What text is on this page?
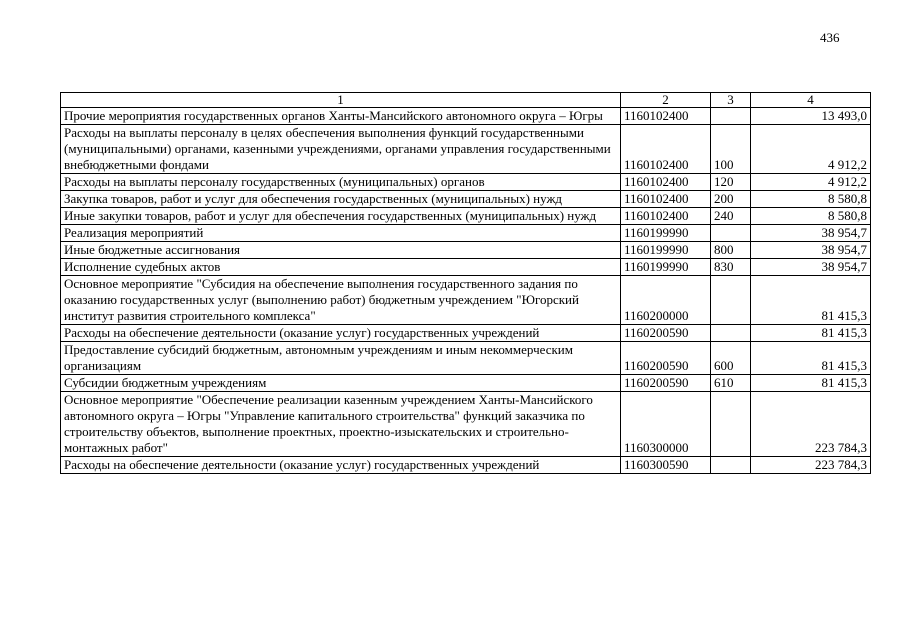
436
1	2	3	4
Прочие мероприятия государственных органов Ханты-Мансийского автономного округа – Югры	1160102400		13 493,0
Расходы на выплаты персоналу в целях обеспечения выполнения функций государственными (муниципальными) органами, казенными учреждениями, органами управления государственными внебюджетными фондами	1160102400	100	4 912,2
Расходы на выплаты персоналу государственных (муниципальных) органов	1160102400	120	4 912,2
Закупка товаров, работ и услуг для обеспечения государственных (муниципальных) нужд	1160102400	200	8 580,8
Иные закупки товаров, работ и услуг для обеспечения государственных (муниципальных) нужд	1160102400	240	8 580,8
Реализация мероприятий	1160199990		38 954,7
Иные бюджетные ассигнования	1160199990	800	38 954,7
Исполнение судебных актов	1160199990	830	38 954,7
Основное мероприятие "Субсидия на обеспечение выполнения государственного задания по оказанию государственных услуг (выполнению работ) бюджетным учреждением "Югорский институт развития строительного комплекса"	1160200000		81 415,3
Расходы на обеспечение деятельности (оказание услуг) государственных учреждений	1160200590		81 415,3
Предоставление субсидий бюджетным, автономным учреждениям и иным некоммерческим организациям	1160200590	600	81 415,3
Субсидии бюджетным учреждениям	1160200590	610	81 415,3
Основное мероприятие "Обеспечение реализации казенным учреждением Ханты-Мансийского автономного округа – Югры "Управление капитального строительства" функций заказчика по строительству объектов, выполнение проектных, проектно-изыскательских и строительно-монтажных работ"	1160300000		223 784,3
Расходы на обеспечение деятельности (оказание услуг) государственных учреждений	1160300590		223 784,3
